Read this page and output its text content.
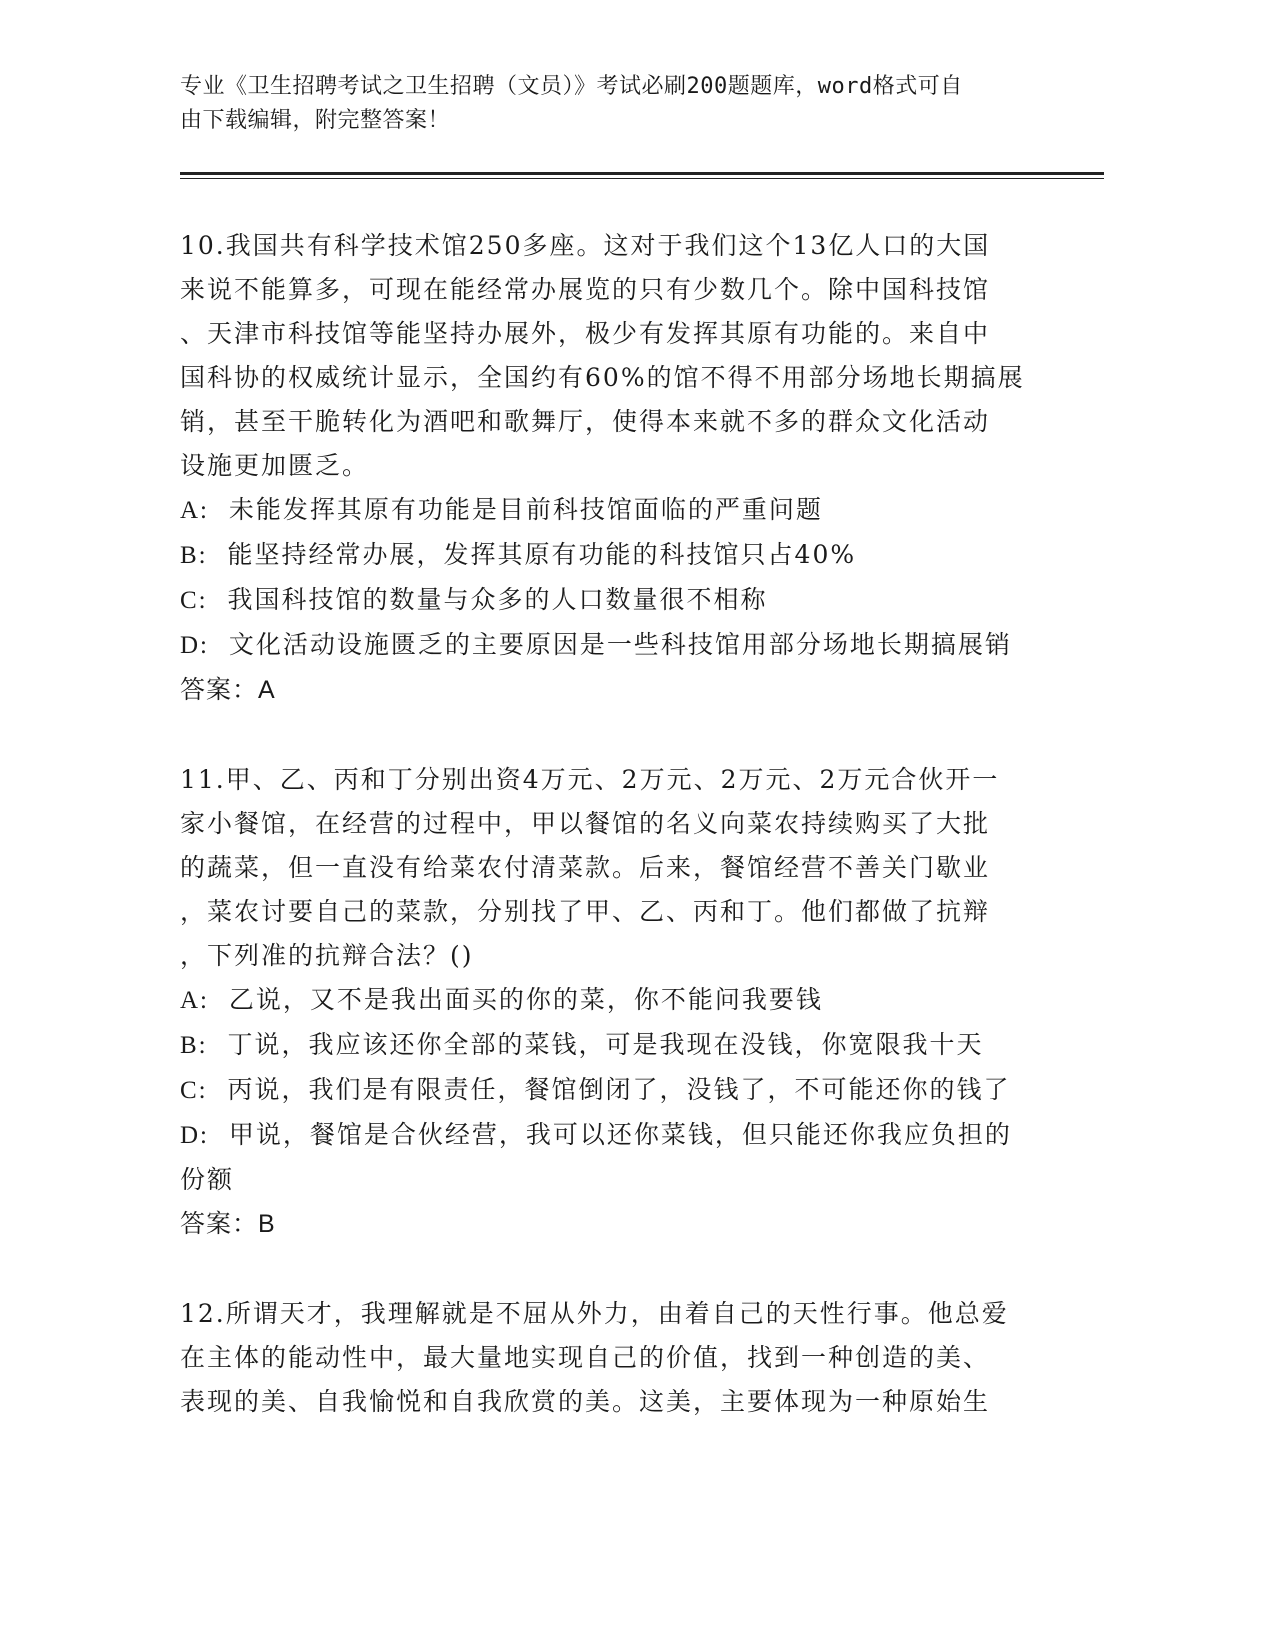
专业《卫生招聘考试之卫生招聘（文员）》考试必刷200题题库，word格式可自
由下载编辑，附完整答案！

10.我国共有科学技术馆250多座。这对于我们这个13亿人口的大国

来说不能算多，可现在能经常办展览的只有少数几个。除中国科技馆

、天津市科技馆等能坚持办展外，极少有发挥其原有功能的。来自中

国科协的权威统计显示，全国约有60%的馆不得不用部分场地长期搞展

销，甚至干脆转化为酒吧和歌舞厅，使得本来就不多的群众文化活动

设施更加匮乏。

A: 未能发挥其原有功能是目前科技馆面临的严重问题

B: 能坚持经常办展，发挥其原有功能的科技馆只占40%

C: 我国科技馆的数量与众多的人口数量很不相称

D: 文化活动设施匮乏的主要原因是一些科技馆用部分场地长期搞展销

答案：A

11.甲、乙、丙和丁分别出资4万元、2万元、2万元、2万元合伙开一

家小餐馆，在经营的过程中，甲以餐馆的名义向菜农持续购买了大批

的蔬菜，但一直没有给菜农付清菜款。后来，餐馆经营不善关门歇业

，菜农讨要自己的菜款，分别找了甲、乙、丙和丁。他们都做了抗辩

，下列准的抗辩合法？()

A: 乙说，又不是我出面买的你的菜，你不能问我要钱

B: 丁说，我应该还你全部的菜钱，可是我现在没钱，你宽限我十天

C: 丙说，我们是有限责任，餐馆倒闭了，没钱了，不可能还你的钱了

D: 甲说，餐馆是合伙经营，我可以还你菜钱，但只能还你我应负担的

份额

答案：B

12.所谓天才，我理解就是不屈从外力，由着自己的天性行事。他总爱

在主体的能动性中，最大量地实现自己的价值，找到一种创造的美、

表现的美、自我愉悦和自我欣赏的美。这美，主要体现为一种原始生
